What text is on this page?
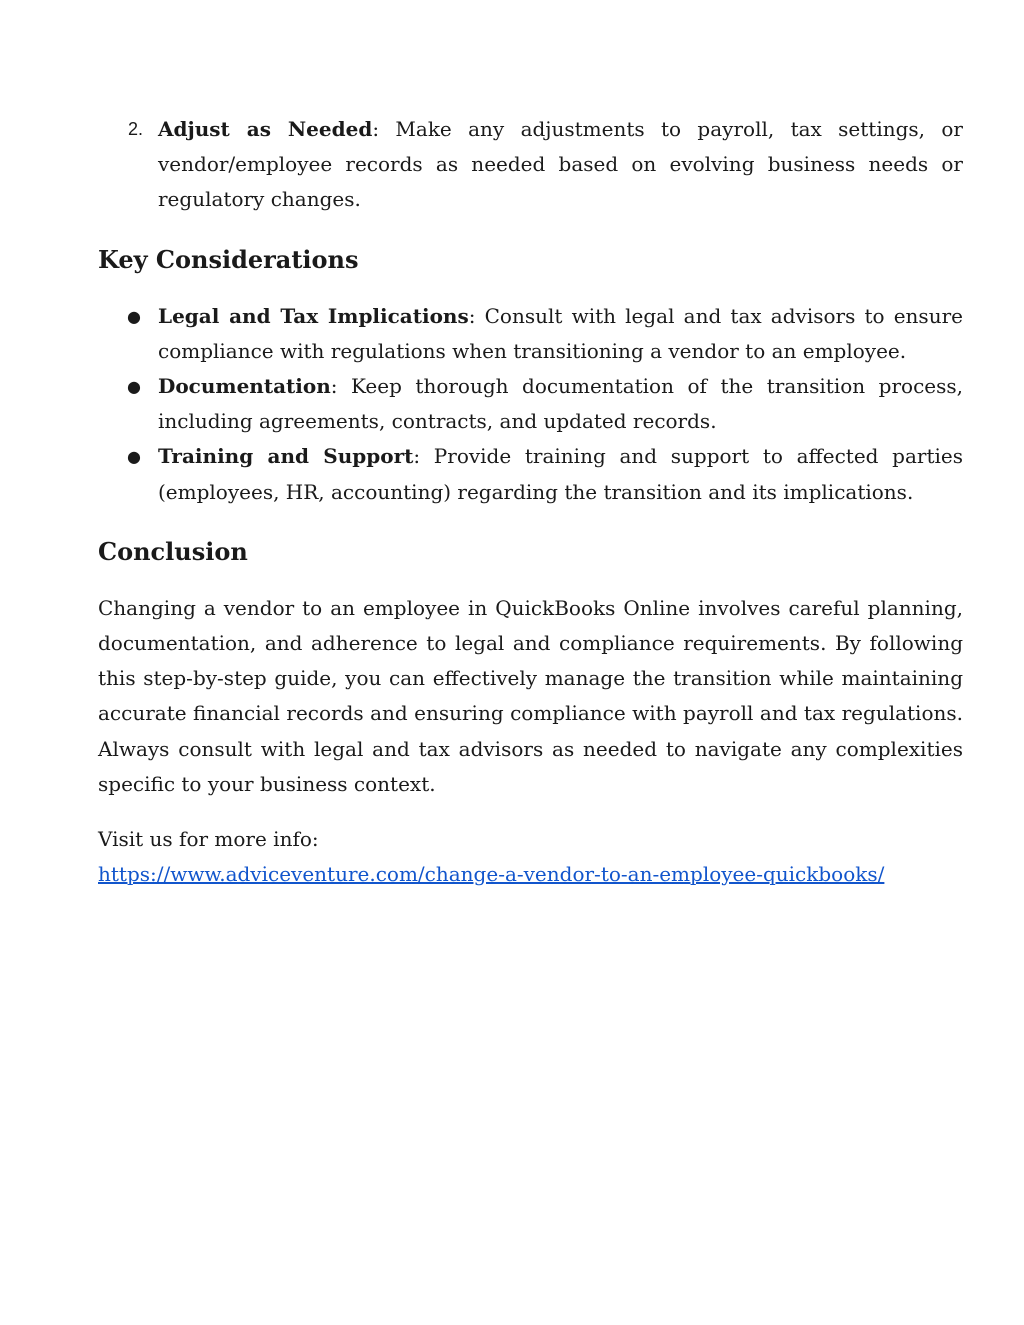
2. Adjust as Needed: Make any adjustments to payroll, tax settings, or vendor/employee records as needed based on evolving business needs or regulatory changes.
Key Considerations
● Legal and Tax Implications: Consult with legal and tax advisors to ensure compliance with regulations when transitioning a vendor to an employee.
● Documentation: Keep thorough documentation of the transition process, including agreements, contracts, and updated records.
● Training and Support: Provide training and support to affected parties (employees, HR, accounting) regarding the transition and its implications.
Conclusion

Changing a vendor to an employee in QuickBooks Online involves careful planning, documentation, and adherence to legal and compliance requirements. By following this step-by-step guide, you can effectively manage the transition while maintaining accurate financial records and ensuring compliance with payroll and tax regulations. Always consult with legal and tax advisors as needed to navigate any complexities specific to your business context.

Visit us for more info:

https://www.adviceventure.com/change-a-vendor-to-an-employee-quickbooks/
